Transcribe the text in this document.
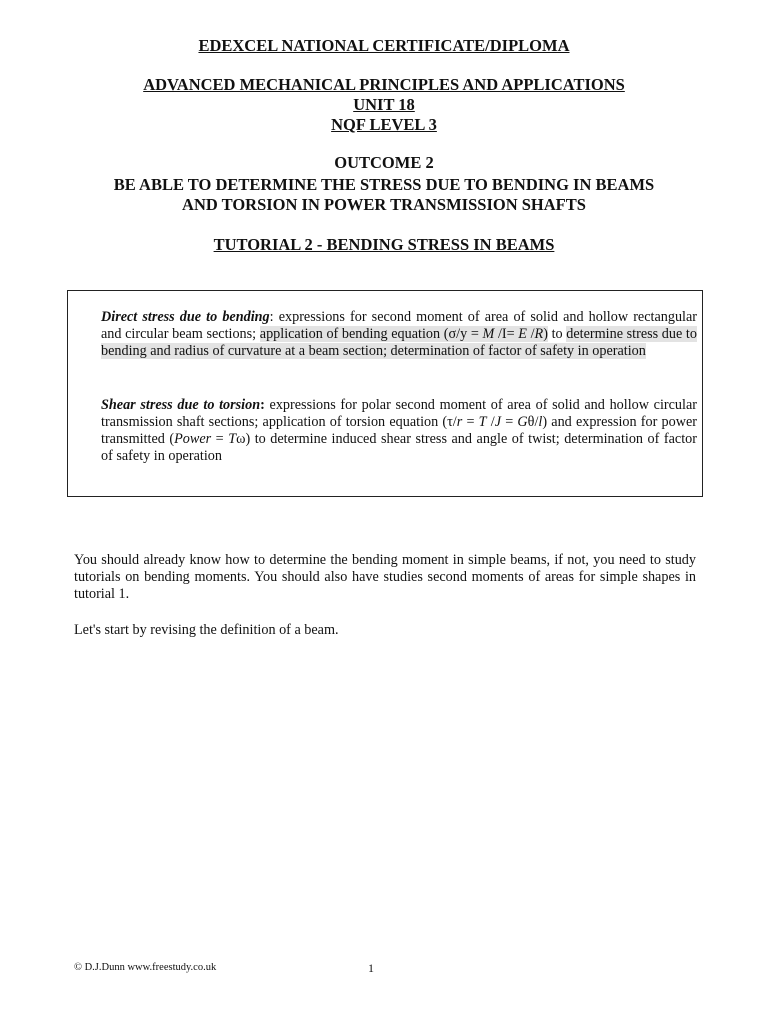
EDEXCEL NATIONAL CERTIFICATE/DIPLOMA

ADVANCED MECHANICAL PRINCIPLES AND APPLICATIONS

UNIT 18

NQF LEVEL 3

OUTCOME 2

BE ABLE TO DETERMINE THE STRESS DUE TO BENDING IN BEAMS

AND TORSION IN POWER TRANSMISSION SHAFTS

TUTORIAL 2 - BENDING STRESS IN BEAMS

Direct stress due to bending: expressions for second moment of area of solid and hollow rectangular and circular beam sections; application of bending equation (σ/y = M /I= E /R) to determine stress due to bending and radius of curvature at a beam section; determination of factor of safety in operation

Shear stress due to torsion: expressions for polar second moment of area of solid and hollow circular transmission shaft sections; application of torsion equation (τ/r = T /J = Gθ/l) and expression for power transmitted (Power = Tω) to determine induced shear stress and angle of twist; determination of factor of safety in operation

You should already know how to determine the bending moment in simple beams, if not, you need to study tutorials on bending moments. You should also have studies second moments of areas for simple shapes in tutorial 1.

Let's start by revising the definition of a beam.

© D.J.Dunn www.freestudy.co.uk	1
